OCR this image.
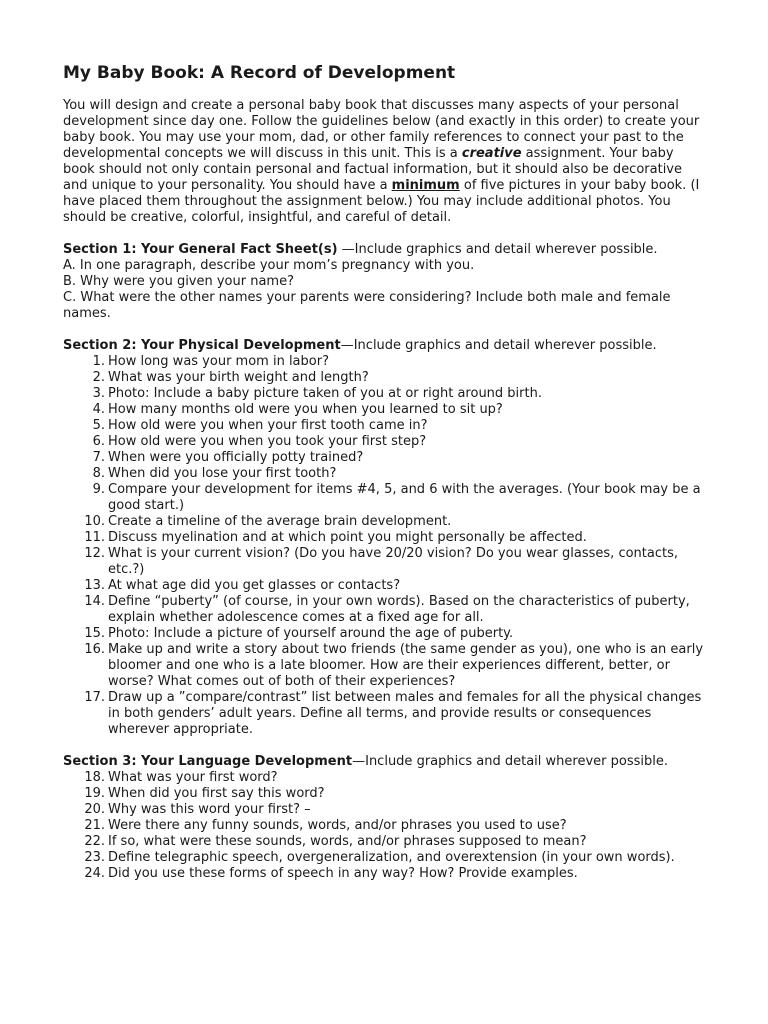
My Baby Book: A Record of Development

You will design and create a personal baby book that discusses many aspects of your personal development since day one. Follow the guidelines below (and exactly in this order) to create your baby book. You may use your mom, dad, or other family references to connect your past to the developmental concepts we will discuss in this unit. This is a creative assignment. Your baby book should not only contain personal and factual information, but it should also be decorative and unique to your personality. You should have a minimum of five pictures in your baby book. (I have placed them throughout the assignment below.) You may include additional photos. You should be creative, colorful, insightful, and careful of detail.

Section 1: Your General Fact Sheet(s) —Include graphics and detail wherever possible.

A. In one paragraph, describe your mom’s pregnancy with you.

B. Why were you given your name?

C. What were the other names your parents were considering? Include both male and female names.

Section 2: Your Physical Development—Include graphics and detail wherever possible.

1. How long was your mom in labor?
2. What was your birth weight and length?
3. Photo: Include a baby picture taken of you at or right around birth.
4. How many months old were you when you learned to sit up?
5. How old were you when your first tooth came in?
6. How old were you when you took your first step?
7. When were you officially potty trained?
8. When did you lose your first tooth?
9. Compare your development for items #4, 5, and 6 with the averages. (Your book may be a good start.)
10. Create a timeline of the average brain development.
11. Discuss myelination and at which point you might personally be affected.
12. What is your current vision? (Do you have 20/20 vision? Do you wear glasses, contacts, etc.?)
13. At what age did you get glasses or contacts?
14. Define “puberty” (of course, in your own words). Based on the characteristics of puberty, explain whether adolescence comes at a fixed age for all.
15. Photo: Include a picture of yourself around the age of puberty.
16. Make up and write a story about two friends (the same gender as you), one who is an early bloomer and one who is a late bloomer. How are their experiences different, better, or worse? What comes out of both of their experiences?
17. Draw up a ”compare/contrast” list between males and females for all the physical changes in both genders’ adult years. Define all terms, and provide results or consequences wherever appropriate.

Section 3: Your Language Development—Include graphics and detail wherever possible.

18. What was your first word?
19. When did you first say this word?
20. Why was this word your first? –
21. Were there any funny sounds, words, and/or phrases you used to use?
22. If so, what were these sounds, words, and/or phrases supposed to mean?
23. Define telegraphic speech, overgeneralization, and overextension (in your own words).
24. Did you use these forms of speech in any way? How? Provide examples.
